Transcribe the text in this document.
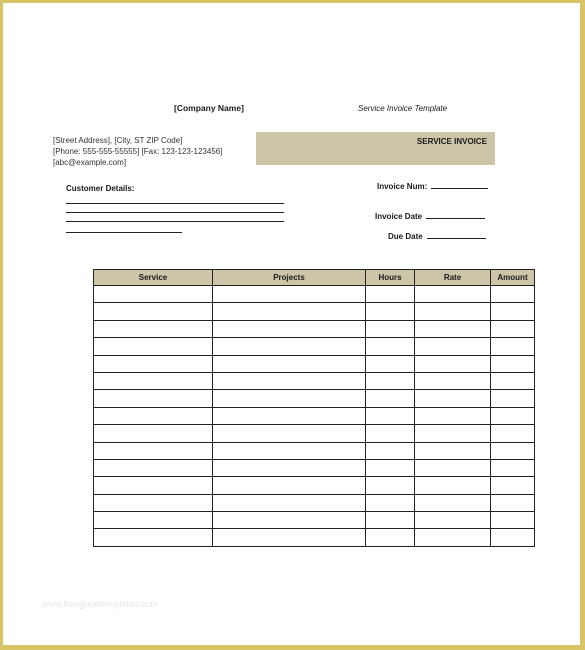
[Company Name]	Service Invoice Template
[Street Address], [City, ST ZIP Code]
[Phone: 555-555-55555] [Fax: 123-123-123456]
[abc@example.com]
SERVICE INVOICE
Customer Details:	Invoice Num:
Invoice Date
Due Date
Service	Projects	Hours	Rate	Amount

www.freegreattemplates.com
